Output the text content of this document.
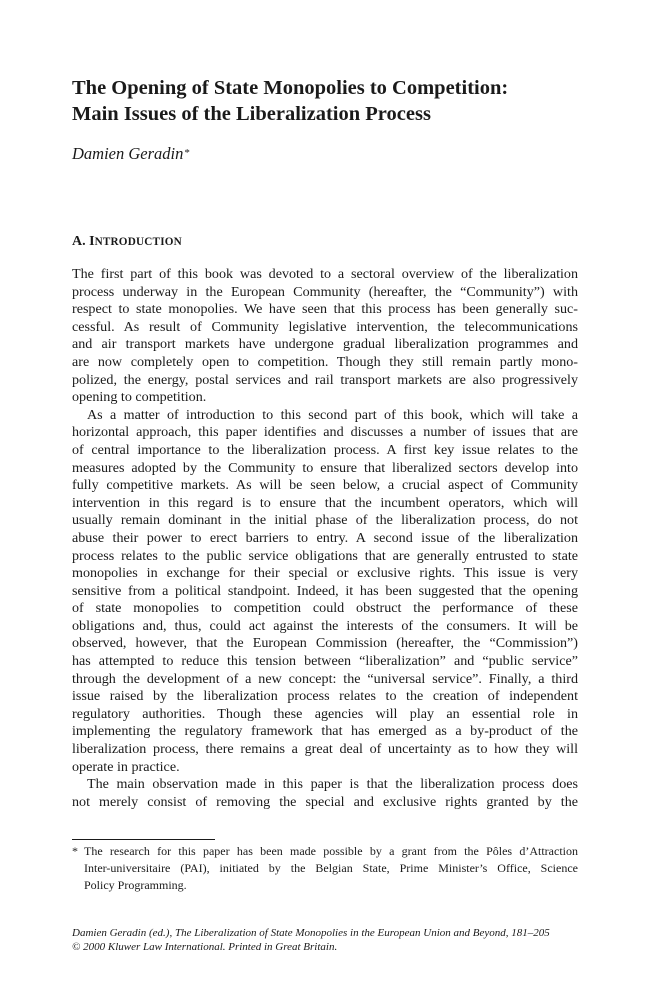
The Opening of State Monopolies to Competition:
Main Issues of the Liberalization Process

Damien Geradin*

A. INTRODUCTION
The first part of this book was devoted to a sectoral overview of the liberalization
process underway in the European Community (hereafter, the “Community”) with
respect to state monopolies. We have seen that this process has been generally suc-
cessful. As result of Community legislative intervention, the telecommunications
and air transport markets have undergone gradual liberalization programmes and
are now completely open to competition. Though they still remain partly mono-
polized, the energy, postal services and rail transport markets are also progressively
opening to competition.
As a matter of introduction to this second part of this book, which will take a
horizontal approach, this paper identifies and discusses a number of issues that are
of central importance to the liberalization process. A first key issue relates to the
measures adopted by the Community to ensure that liberalized sectors develop into
fully competitive markets. As will be seen below, a crucial aspect of Community
intervention in this regard is to ensure that the incumbent operators, which will
usually remain dominant in the initial phase of the liberalization process, do not
abuse their power to erect barriers to entry. A second issue of the liberalization
process relates to the public service obligations that are generally entrusted to state
monopolies in exchange for their special or exclusive rights. This issue is very
sensitive from a political standpoint. Indeed, it has been suggested that the opening
of state monopolies to competition could obstruct the performance of these
obligations and, thus, could act against the interests of the consumers. It will be
observed, however, that the European Commission (hereafter, the “Commission”)
has attempted to reduce this tension between “liberalization” and “public service”
through the development of a new concept: the “universal service”. Finally, a third
issue raised by the liberalization process relates to the creation of independent
regulatory authorities. Though these agencies will play an essential role in
implementing the regulatory framework that has emerged as a by-product of the
liberalization process, there remains a great deal of uncertainty as to how they will
operate in practice.
The main observation made in this paper is that the liberalization process does
not merely consist of removing the special and exclusive rights granted by the
* The research for this paper has been made possible by a grant from the Pôles d’Attraction
Inter-universitaire (PAI), initiated by the Belgian State, Prime Minister’s Office, Science
Policy Programming.
Damien Geradin (ed.), The Liberalization of State Monopolies in the European Union and Beyond, 181–205
© 2000 Kluwer Law International. Printed in Great Britain.
